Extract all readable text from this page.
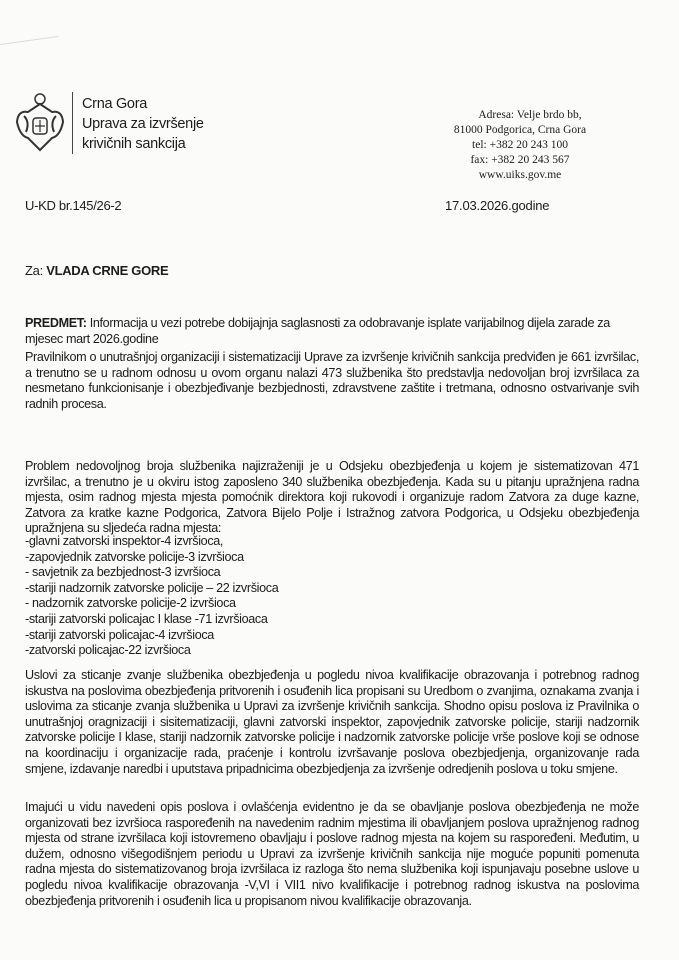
Crna Gora
Uprava za izvršenje
krivičnih sankcija
Adresa: Velje brdo bb,
81000 Podgorica, Crna Gora
tel: +382 20 243 100
fax: +382 20 243 567
www.uiks.gov.me
U-KD br.145/26-2	17.03.2026.godine
Za: VLADA CRNE GORE
PREDMET: Informacija u vezi potrebe dobijajnja saglasnosti za odobravanje isplate varijabilnog dijela zarade za mjesec mart 2026.godine
Pravilnikom o unutrašnjoj organizaciji i sistematizaciji Uprave za izvršenje krivičnih sankcija predviđen je 661 izvršilac, a trenutno se u radnom odnosu u ovom organu nalazi 473 službenika što predstavlja nedovoljan broj izvršilaca za nesmetano funkcionisanje i obezbjeđivanje bezbjednosti, zdravstvene zaštite i tretmana, odnosno ostvarivanje svih radnih procesa.
Problem nedovoljnog broja službenika najizraženiji je u Odsjeku obezbjeđenja u kojem je sistematizovan 471 izvršilac, a trenutno je u okviru istog zaposleno 340 službenika obezbjeđenja. Kada su u pitanju upražnjena radna mjesta, osim radnog mjesta mjesta pomoćnik direktora koji rukovodi i organizuje radom Zatvora za duge kazne, Zatvora za kratke kazne Podgorica, Zatvora Bijelo Polje i Istražnog zatvora Podgorica, u Odsjeku obezbjeđenja upražnjena su sljedeća radna mjesta:
-glavni zatvorski inspektor-4 izvršioca,
-zapovjednik zatvorske policije-3 izvršioca
- savjetnik za bezbjednost-3 izvršioca
-stariji nadzornik zatvorske policije – 22 izvršioca
- nadzornik zatvorske policije-2 izvršioca
-stariji zatvorski policajac I klase -71 izvršioaca
-stariji zatvorski policajac-4 izvršioca
-zatvorski policajac-22 izvršioca
Uslovi za sticanje zvanje službenika obezbjeđenja u pogledu nivoa kvalifikacije obrazovanja i potrebnog radnog iskustva na poslovima obezbjeđenja pritvorenih i osuđenih lica propisani su Uredbom o zvanjima, oznakama zvanja i uslovima za sticanje zvanja službenika u Upravi za izvršenje krivičnih sankcija. Shodno opisu poslova iz Pravilnika o unutrašnjoj oragnizaciji i sisitematizaciji, glavni zatvorski inspektor, zapovjednik zatvorske policije, stariji nadzornik zatvorske policije I klase, stariji nadzornik zatvorske policije i nadzornik zatvorske policije vrše poslove koji se odnose na koordinaciju i organizacije rada, praćenje i kontrolu izvršavanje poslova obezbjedjenja, organizovanje rada smjene, izdavanje naredbi i uputstava pripadnicima obezbjedjenja za izvršenje odredjenih poslova u toku smjene.
Imajući u vidu navedeni opis poslova i ovlašćenja evidentno je da se obavljanje poslova obezbjeđenja ne može organizovati bez izvršioca raspoređenih na navedenim radnim mjestima ili obavljanjem poslova upražnjenog radnog mjesta od strane izvršilaca koji istovremeno obavljaju i poslove radnog mjesta na kojem su raspoređeni. Međutim, u dužem, odnosno višegodišnjem periodu u Upravi za izvršenje krivičnih sankcija nije moguće popuniti pomenuta radna mjesta do sistematizovanog broja izvršilaca iz razloga što nema službenika koji ispunjavaju posebne uslove u pogledu nivoa kvalifikacije obrazovanja -V,VI i VII1 nivo kvalifikacije i potrebnog radnog iskustva na poslovima obezbjeđenja pritvorenih i osuđenih lica u propisanom nivou kvalifikacije obrazovanja.
